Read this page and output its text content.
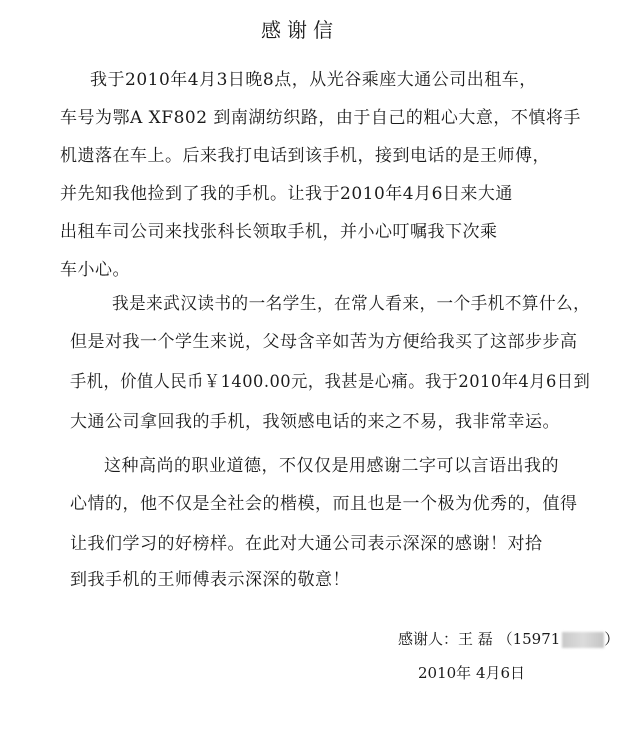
感谢信
我于2010年4月3日晚8点，从光谷乘座大通公司出租车，
车号为鄂A XF802 到南湖纺织路，由于自己的粗心大意，不慎将手
机遗落在车上。后来我打电话到该手机，接到电话的是王师傅，
并先知我他捡到了我的手机。让我于2010年4月6日来大通
出租车司公司来找张科长领取手机，并小心叮嘱我下次乘
车小心。
我是来武汉读书的一名学生，在常人看来，一个手机不算什么，
但是对我一个学生来说，父母含辛如苦为方便给我买了这部步步高
手机，价值人民币￥1400.00元，我甚是心痛。我于2010年4月6日到
大通公司拿回我的手机，我领感电话的来之不易，我非常幸运。
这种高尚的职业道德，不仅仅是用感谢二字可以言语出我的
心情的，他不仅是全社会的楷模，而且也是一个极为优秀的，值得
让我们学习的好榜样。在此对大通公司表示深深的感谢！对拾
到我手机的王师傅表示深深的敬意！
感谢人：王 磊 （15971	）
2010年 4月6日
